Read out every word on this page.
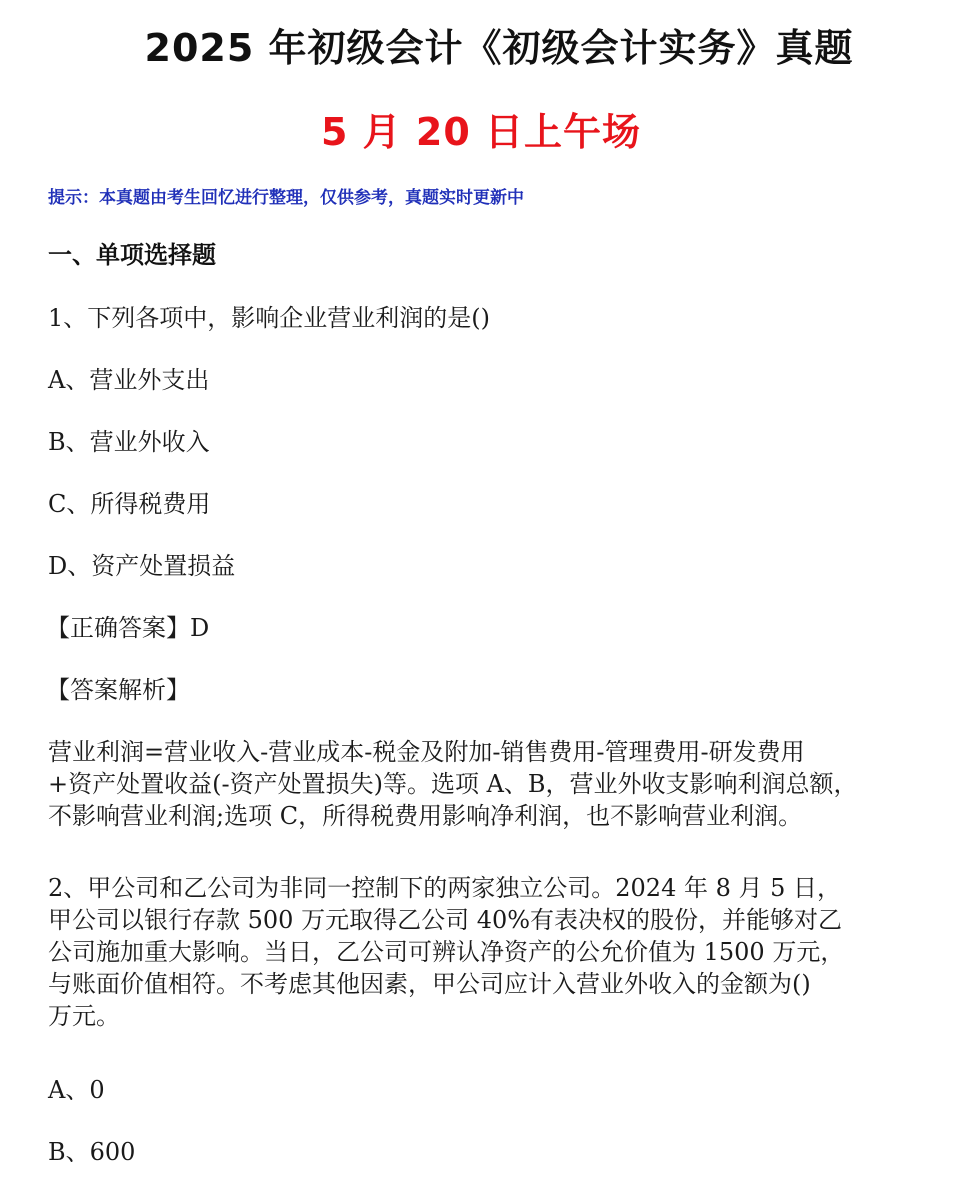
2025 年初级会计《初级会计实务》真题
5 月 20 日上午场
提示：本真题由考生回忆进行整理，仅供参考，真题实时更新中
一、单项选择题
1、下列各项中，影响企业营业利润的是()
A、营业外支出
B、营业外收入
C、所得税费用
D、资产处置损益
【正确答案】D
【答案解析】
营业利润=营业收入-营业成本-税金及附加-销售费用-管理费用-研发费用
+资产处置收益(-资产处置损失)等。选项 A、B，营业外收支影响利润总额，
不影响营业利润;选项 C，所得税费用影响净利润，也不影响营业利润。
2、甲公司和乙公司为非同一控制下的两家独立公司。2024 年 8 月 5 日，
甲公司以银行存款 500 万元取得乙公司 40%有表决权的股份，并能够对乙
公司施加重大影响。当日，乙公司可辨认净资产的公允价值为 1500 万元，
与账面价值相符。不考虑其他因素，甲公司应计入营业外收入的金额为()
万元。
A、0
B、600
